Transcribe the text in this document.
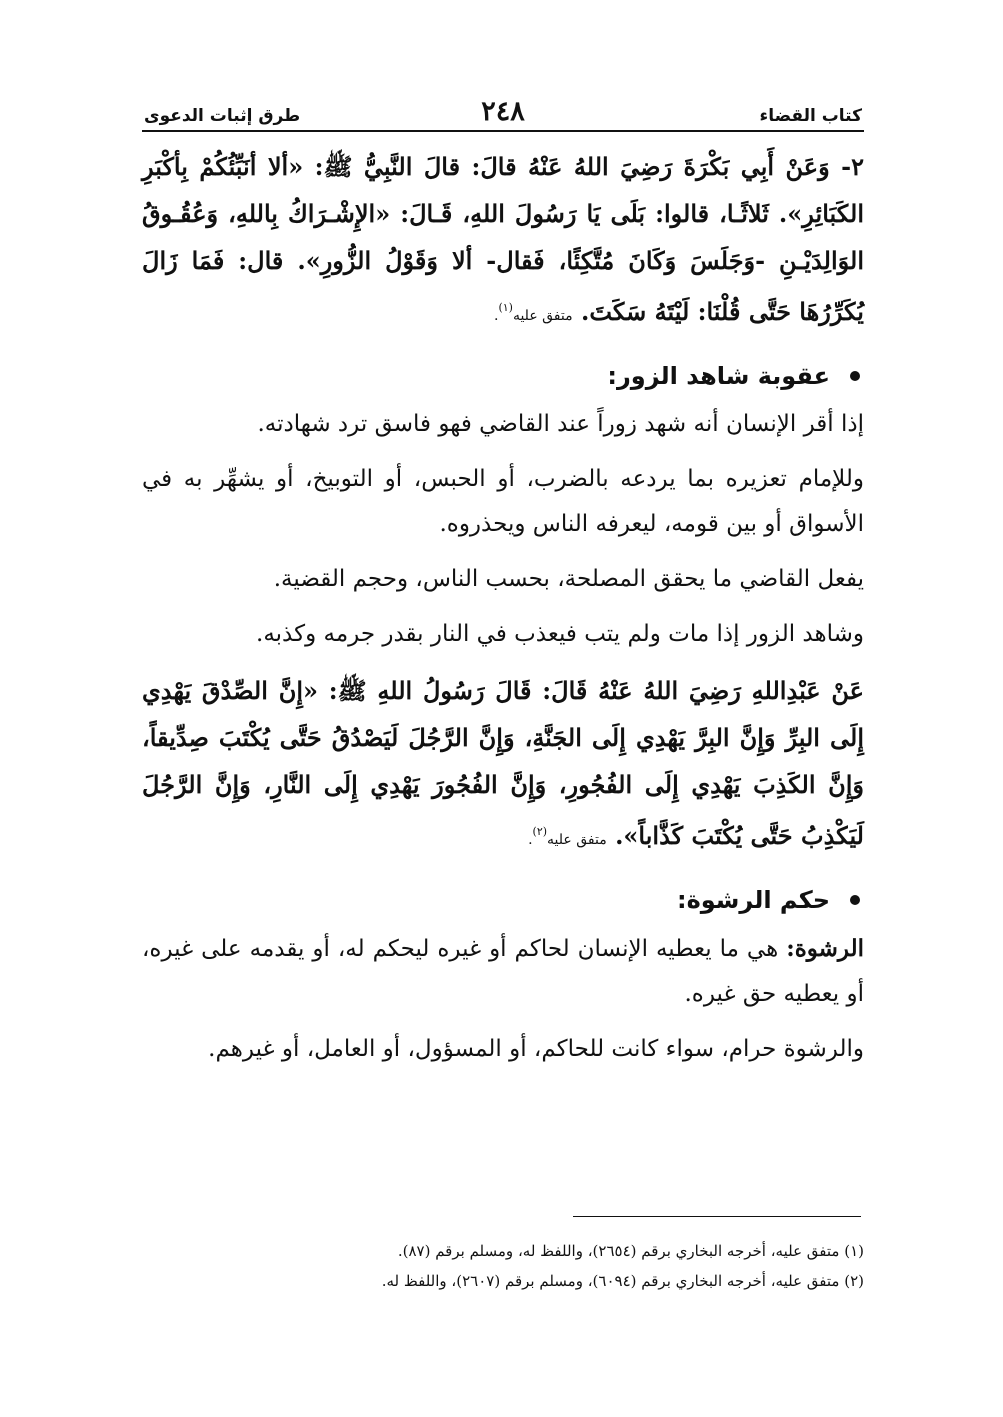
كتاب القضاء
٢٤٨
طرق إثبات الدعوى

٢- وَعَنْ أَبِي بَكْرَةَ رَضِيَ اللهُ عَنْهُ قالَ: قالَ النَّبِيُّ ﷺ: «ألا أنَبِّئُكُمْ بِأكْبَرِ الكَبَائِرِ». ثَلاثًـا، قالوا: بَلَى يَا رَسُولَ اللهِ، قَـالَ: «الإِشْـرَاكُ بِاللهِ، وَعُقُـوقُ الوَالِدَيْـنِ -وَجَلَسَ وَكَانَ مُتَّكِئًا، فَقال- ألا وَقَوْلُ الزُّورِ». قال: فَمَا زَالَ يُكَرِّرُهَا حَتَّى قُلْنَا: لَيْتَهُ سَكَتَ. متفق عليه$^{(١)}$.

عقوبة شاهد الزور:

إذا أقر الإنسان أنه شهد زوراً عند القاضي فهو فاسق ترد شهادته.

وللإمام تعزيره بما يردعه بالضرب، أو الحبس، أو التوبيخ، أو يشهِّر به في الأسواق أو بين قومه، ليعرفه الناس ويحذروه.

يفعل القاضي ما يحقق المصلحة، بحسب الناس، وحجم القضية.

وشاهد الزور إذا مات ولم يتب فيعذب في النار بقدر جرمه وكذبه.

عَنْ عَبْدِاللهِ رَضِيَ اللهُ عَنْهُ قَالَ: قَالَ رَسُولُ اللهِ ﷺ: «إِنَّ الصِّدْقَ يَهْدِي إِلَى البِرِّ وَإِنَّ البِرَّ يَهْدِي إِلَى الجَنَّةِ، وَإِنَّ الرَّجُلَ لَيَصْدُقُ حَتَّى يُكْتَبَ صِدِّيقاً، وَإِنَّ الكَذِبَ يَهْدِي إِلَى الفُجُورِ، وَإِنَّ الفُجُورَ يَهْدِي إِلَى النَّارِ، وَإِنَّ الرَّجُلَ لَيَكْذِبُ حَتَّى يُكْتَبَ كَذَّاباً». متفق عليه$^{(٢)}$.

حكم الرشوة:

الرشوة: هي ما يعطيه الإنسان لحاكم أو غيره ليحكم له، أو يقدمه على غيره، أو يعطيه حق غيره.

والرشوة حرام، سواء كانت للحاكم، أو المسؤول، أو العامل، أو غيرهم.

(١) متفق عليه، أخرجه البخاري برقم (٢٦٥٤)، واللفظ له، ومسلم برقم (٨٧).
(٢) متفق عليه، أخرجه البخاري برقم (٦٠٩٤)، ومسلم برقم (٢٦٠٧)، واللفظ له.
